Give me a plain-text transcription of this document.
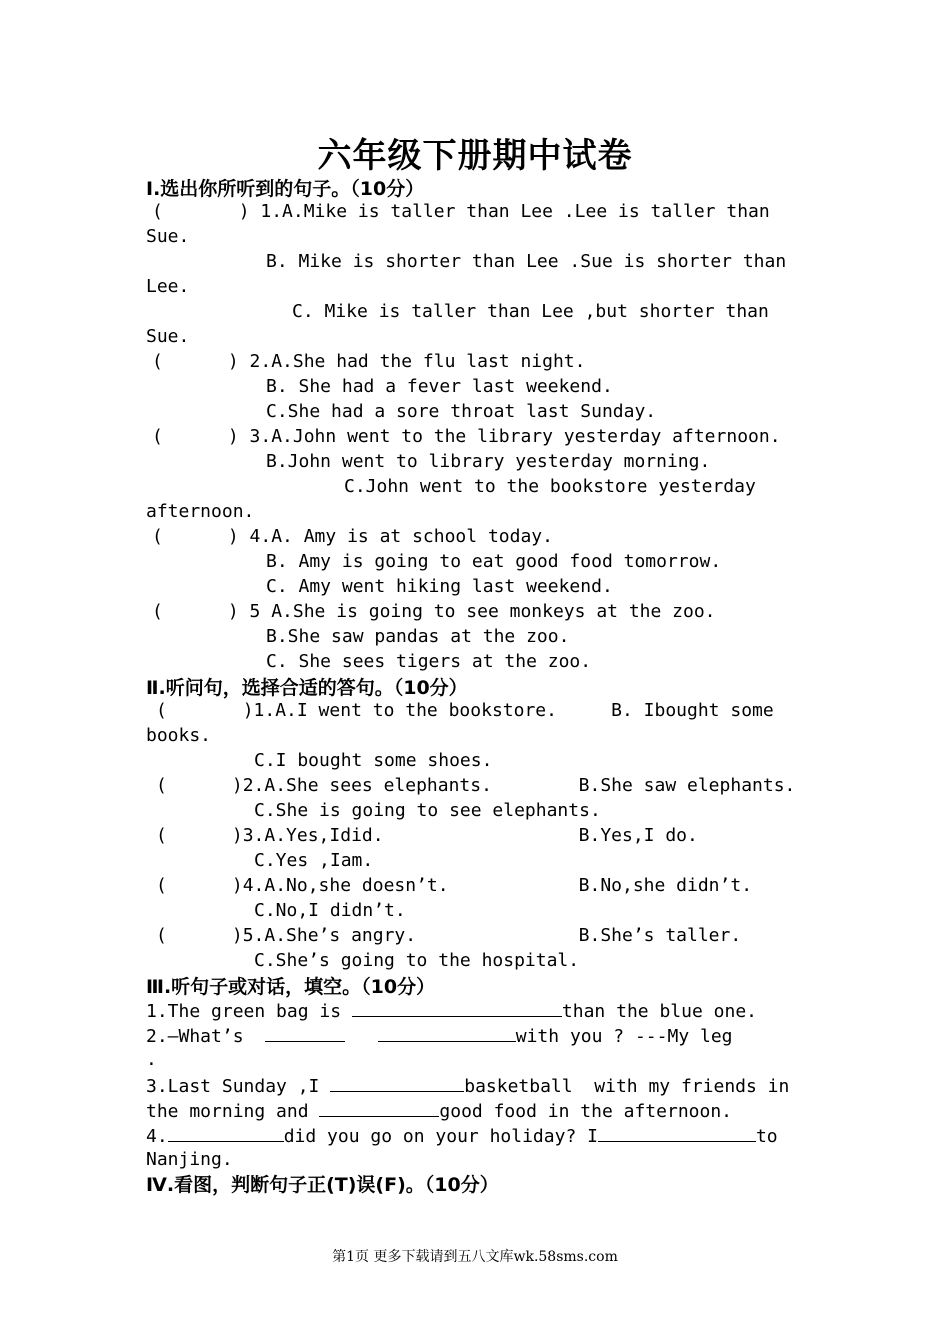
六年级下册期中试卷
Ⅰ.选出你所听到的句子。（10分）
(       ) 1.A.Mike is taller than Lee .Lee is taller than
Sue.
B. Mike is shorter than Lee .Sue is shorter than
Lee.
C. Mike is taller than Lee ,but shorter than
Sue.
(      ) 2.A.She had the flu last night.
B. She had a fever last weekend.
C.She had a sore throat last Sunday.
(      ) 3.A.John went to the library yesterday afternoon.
B.John went to library yesterday morning.
C.John went to the bookstore yesterday
afternoon.
(      ) 4.A. Amy is at school today.
B. Amy is going to eat good food tomorrow.
C. Amy went hiking last weekend.
(      ) 5 A.She is going to see monkeys at the zoo.
B.She saw pandas at the zoo.
C. She sees tigers at the zoo.
Ⅱ.听问句，选择合适的答句。（10分）
(       )1.A.I went to the bookstore.     B. Ibought some
books.
C.I bought some shoes.
(      )2.A.She sees elephants.        B.She saw elephants.
C.She is going to see elephants.
(      )3.A.Yes,Idid.                  B.Yes,I do.
C.Yes ,Iam.
(      )4.A.No,she doesn’t.            B.No,she didn’t.
C.No,I didn’t.
(      )5.A.She’s angry.               B.She’s taller.
C.She’s going to the hospital.
Ⅲ.听句子或对话，填空。（10分）
1.The green bag is	than the blue one.
2.—What’s	with you ? ---My leg
.
3.Last Sunday ,I	basketball  with my friends in
the morning and	good food in the afternoon.
4.	did you go on your holiday? I	to
Nanjing.
Ⅳ.看图，判断句子正(T)误(F)。（10分）
第1页 更多下载请到五八文库wk.58sms.com
